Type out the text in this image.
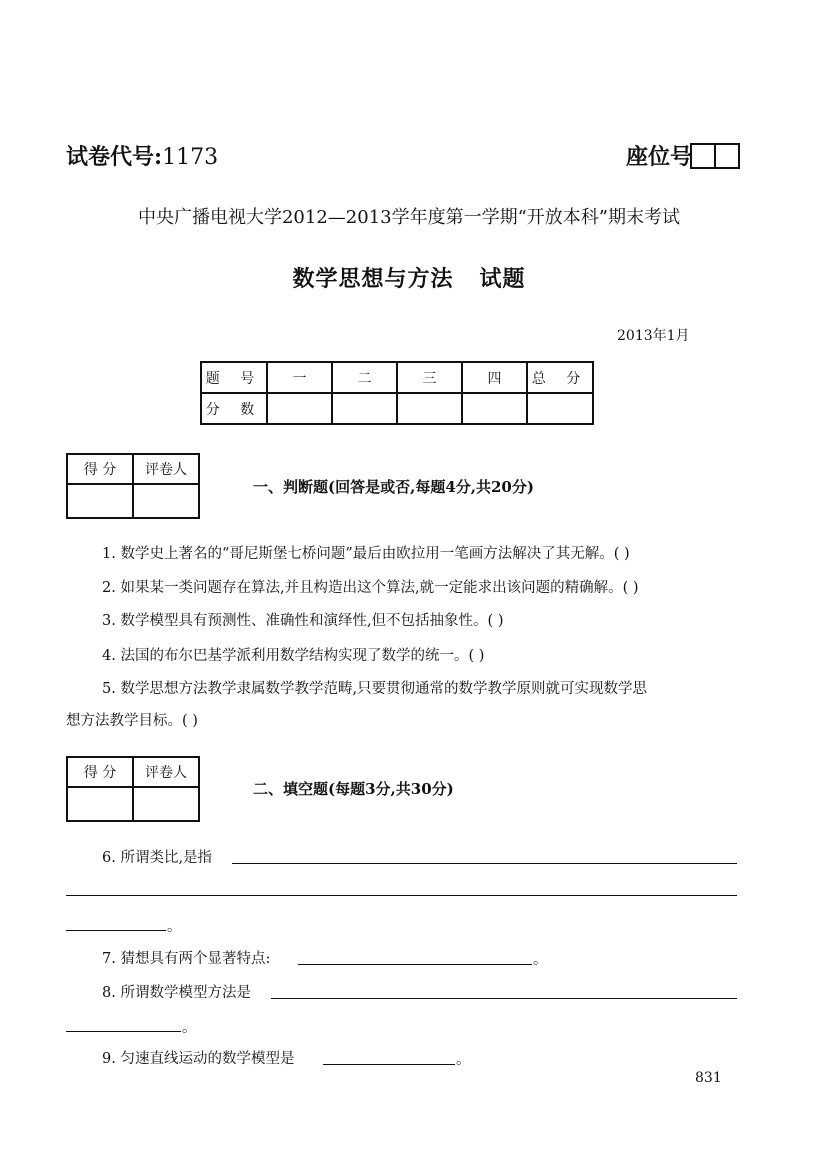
试卷代号:1173	座位号
中央广播电视大学2012—2013学年度第一学期“开放本科”期末考试
数学思想与方法 试题
2013年1月
题 号	一	二	三	四	总 分
分 数					
得 分	评卷人

一、判断题(回答是或否,每题4分,共20分)
1. 数学史上著名的“哥尼斯堡七桥问题”最后由欧拉用一笔画方法解决了其无解。( )
2. 如果某一类问题存在算法,并且构造出这个算法,就一定能求出该问题的精确解。( )
3. 数学模型具有预测性、准确性和演绎性,但不包括抽象性。( )
4. 法国的布尔巴基学派利用数学结构实现了数学的统一。( )
5. 数学思想方法教学隶属数学教学范畴,只要贯彻通常的数学教学原则就可实现数学思
想方法教学目标。( )
得 分	评卷人

二、填空题(每题3分,共30分)
6. 所谓类比,是指
。
7. 猜想具有两个显著特点:	。
8. 所谓数学模型方法是
。
9. 匀速直线运动的数学模型是	。
831
